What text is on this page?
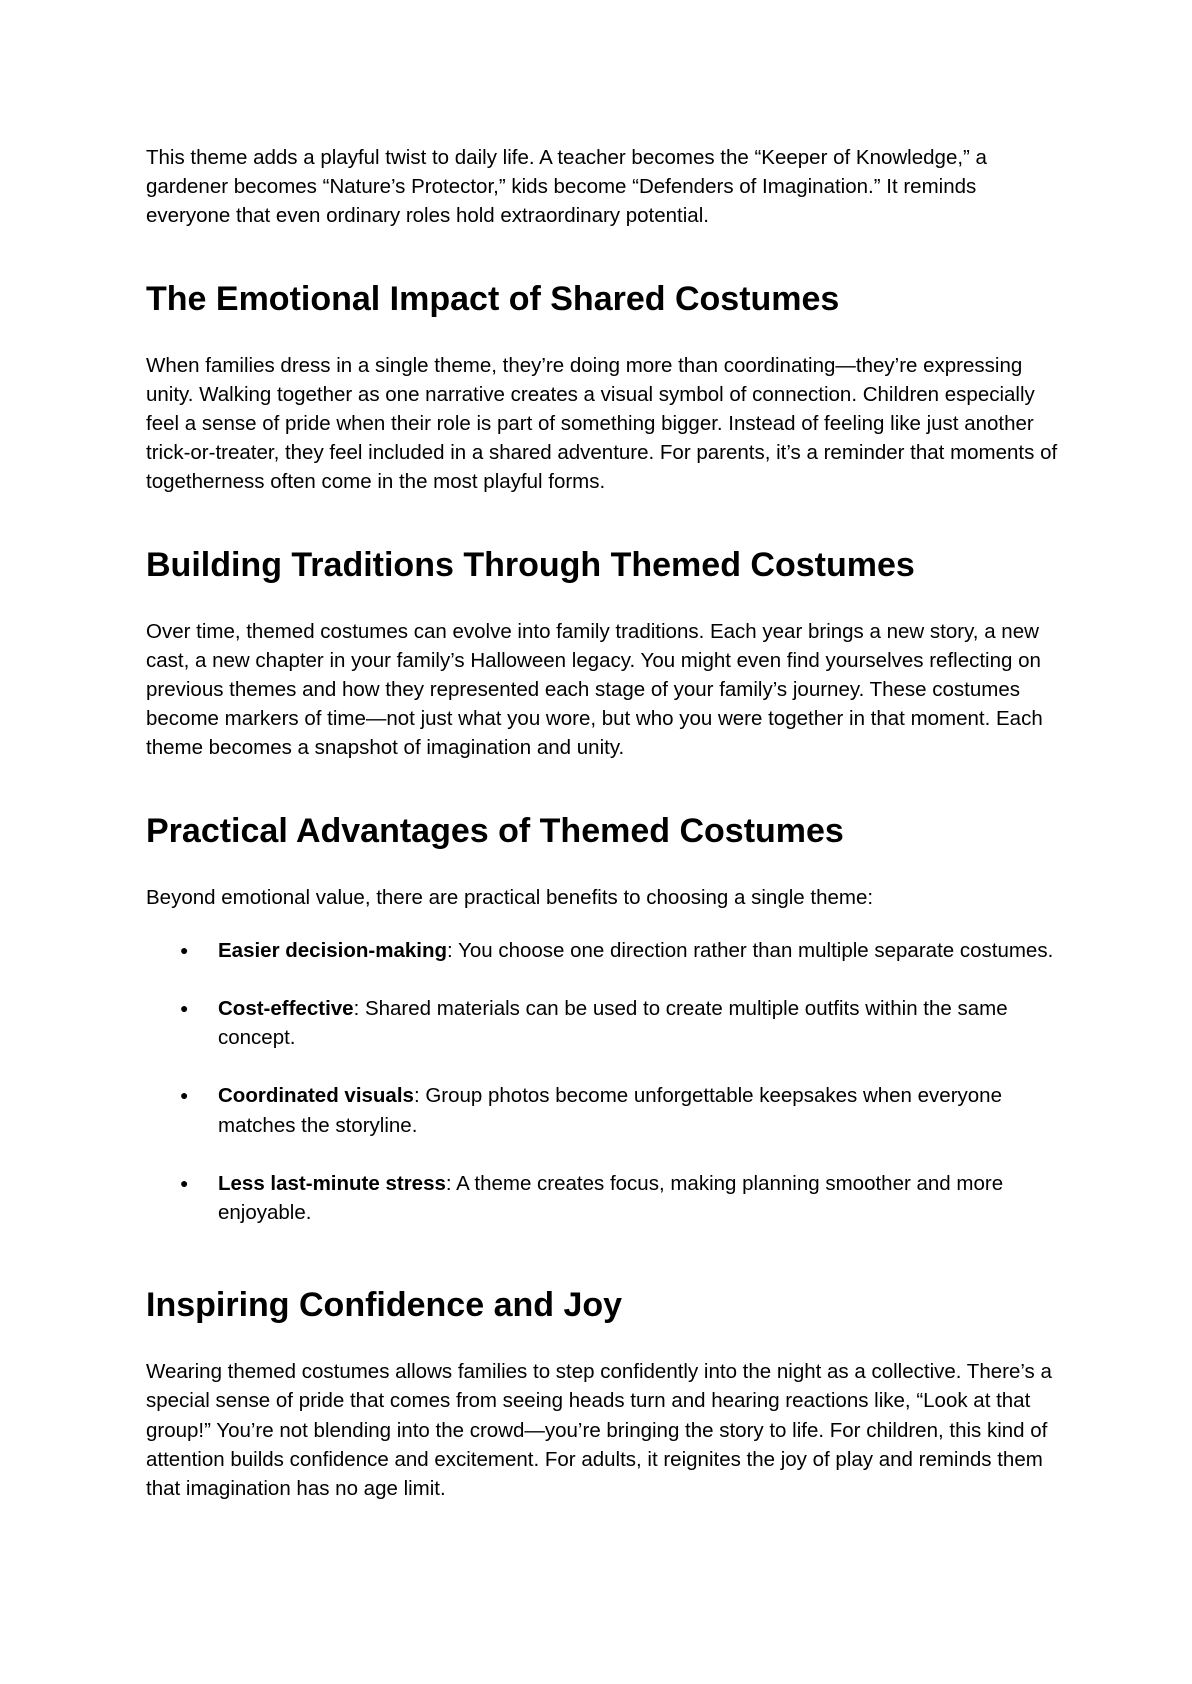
This theme adds a playful twist to daily life. A teacher becomes the “Keeper of Knowledge,” a gardener becomes “Nature’s Protector,” kids become “Defenders of Imagination.” It reminds everyone that even ordinary roles hold extraordinary potential.

The Emotional Impact of Shared Costumes

When families dress in a single theme, they’re doing more than coordinating—they’re expressing unity. Walking together as one narrative creates a visual symbol of connection. Children especially feel a sense of pride when their role is part of something bigger. Instead of feeling like just another trick-or-treater, they feel included in a shared adventure. For parents, it’s a reminder that moments of togetherness often come in the most playful forms.

Building Traditions Through Themed Costumes

Over time, themed costumes can evolve into family traditions. Each year brings a new story, a new cast, a new chapter in your family’s Halloween legacy. You might even find yourselves reflecting on previous themes and how they represented each stage of your family’s journey. These costumes become markers of time—not just what you wore, but who you were together in that moment. Each theme becomes a snapshot of imagination and unity.

Practical Advantages of Themed Costumes

Beyond emotional value, there are practical benefits to choosing a single theme:

● Easier decision-making: You choose one direction rather than multiple separate costumes.
● Cost-effective: Shared materials can be used to create multiple outfits within the same concept.
● Coordinated visuals: Group photos become unforgettable keepsakes when everyone matches the storyline.
● Less last-minute stress: A theme creates focus, making planning smoother and more enjoyable.
Inspiring Confidence and Joy

Wearing themed costumes allows families to step confidently into the night as a collective. There’s a special sense of pride that comes from seeing heads turn and hearing reactions like, “Look at that group!” You’re not blending into the crowd—you’re bringing the story to life. For children, this kind of attention builds confidence and excitement. For adults, it reignites the joy of play and reminds them that imagination has no age limit.
